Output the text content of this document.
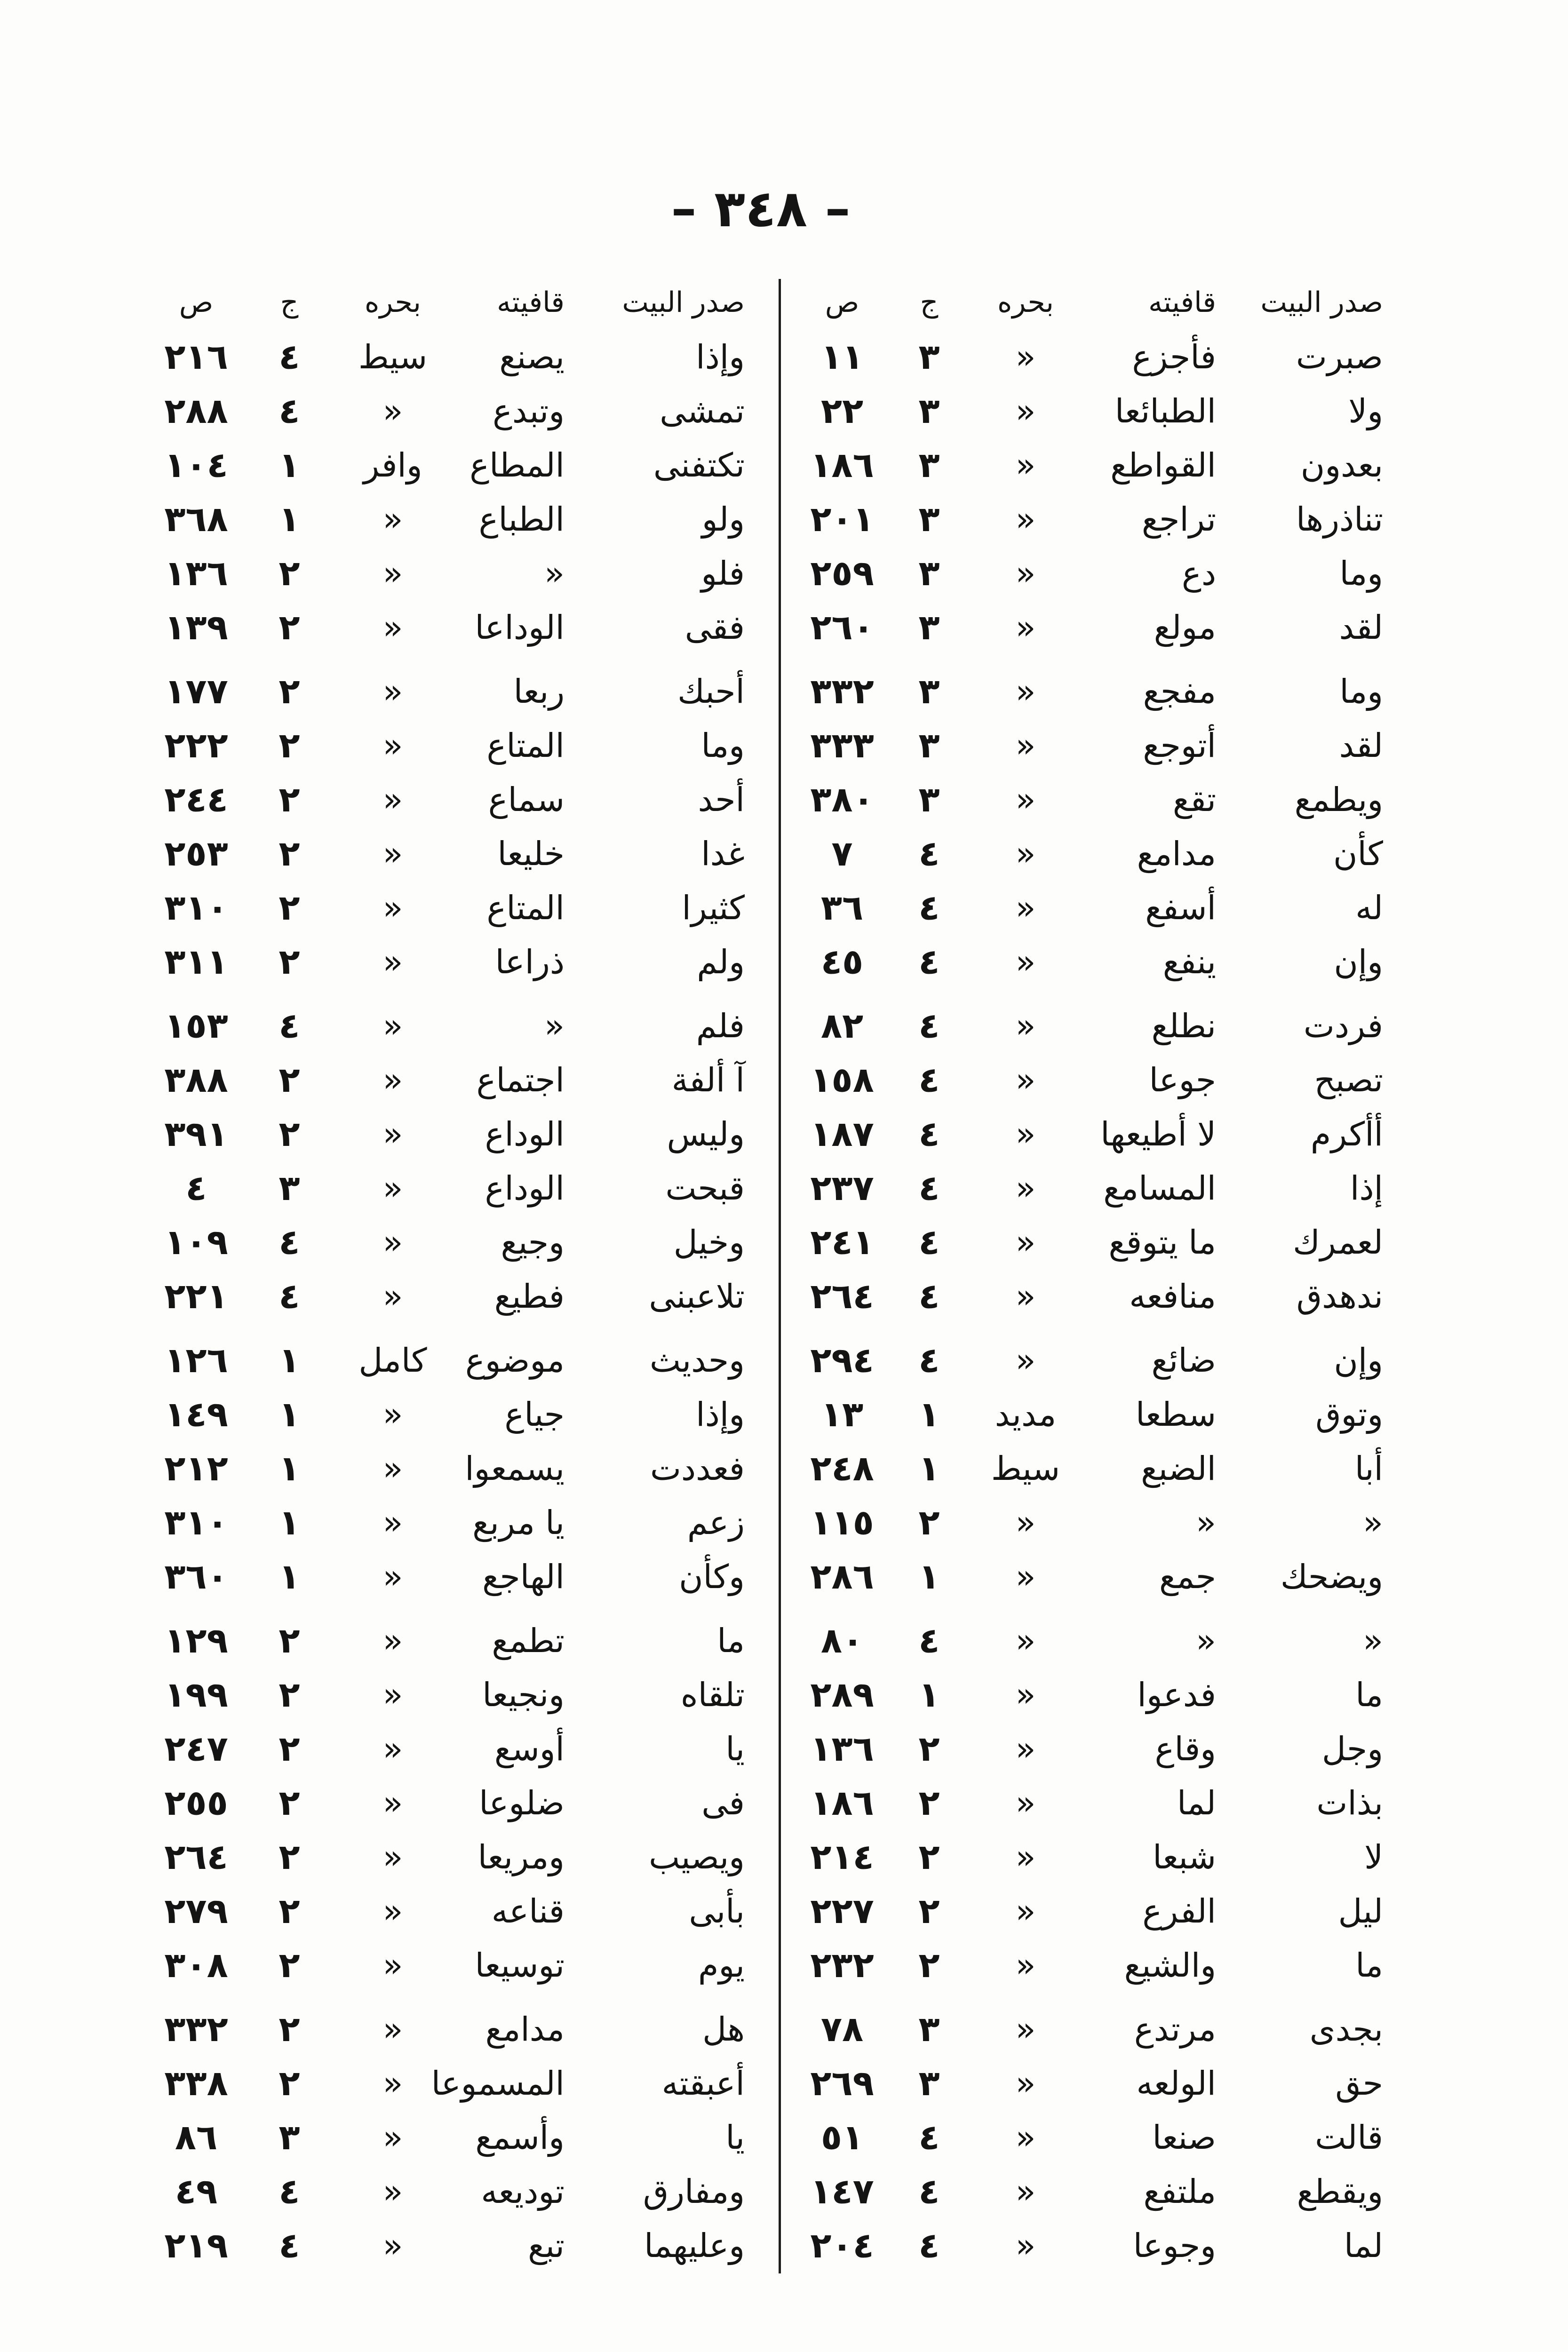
– ٣٤٨ –
صدر البيت
قافيته
بحره
ج
ص
صدر البيت
قافيته
بحره
ج
ص
صبرت
فأجزع
«
٣
١١
ولا
الطبائعا
«
٣
٢٢
بعدون
القواطع
«
٣
١٨٦
تناذرها
تراجع
«
٣
٢٠١
وما
دع
«
٣
٢٥٩
لقد
مولع
«
٣
٢٦٠
وما
مفجع
«
٣
٣٣٢
لقد
أتوجع
«
٣
٣٣٣
ويطمع
تقع
«
٣
٣٨٠
كأن
مدامع
«
٤
٧
له
أسفع
«
٤
٣٦
وإن
ينفع
«
٤
٤٥
فردت
نطلع
«
٤
٨٢
تصبح
جوعا
«
٤
١٥٨
أأكرم
لا أطيعها
«
٤
١٨٧
إذا
المسامع
«
٤
٢٣٧
لعمرك
ما يتوقع
«
٤
٢٤١
ندهدق
منافعه
«
٤
٢٦٤
وإن
ضائع
«
٤
٢٩٤
وتوق
سطعا
مديد
١
١٣
أبا
الضبع
سيط
١
٢٤٨
«
«
«
٢
١١٥
ويضحك
جمع
«
١
٢٨٦
«
«
«
٤
٨٠
ما
فدعوا
«
١
٢٨٩
وجل
وقاع
«
٢
١٣٦
بذات
لما
«
٢
١٨٦
لا
شبعا
«
٢
٢١٤
ليل
الفرع
«
٢
٢٢٧
ما
والشيع
«
٢
٢٣٢
بجدى
مرتدع
«
٣
٧٨
حق
الولعه
«
٣
٢٦٩
قالت
صنعا
«
٤
٥١
ويقطع
ملتفع
«
٤
١٤٧
لما
وجوعا
«
٤
٢٠٤
وإذا
يصنع
سيط
٤
٢١٦
تمشى
وتبدع
«
٤
٢٨٨
تكتفنى
المطاع
وافر
١
١٠٤
ولو
الطباع
«
١
٣٦٨
فلو
«
«
٢
١٣٦
فقى
الوداعا
«
٢
١٣٩
أحبك
ربعا
«
٢
١٧٧
وما
المتاع
«
٢
٢٢٢
أحد
سماع
«
٢
٢٤٤
غدا
خليعا
«
٢
٢٥٣
كثيرا
المتاع
«
٢
٣١٠
ولم
ذراعا
«
٢
٣١١
فلم
«
«
٤
١٥٣
آ ألفة
اجتماع
«
٢
٣٨٨
وليس
الوداع
«
٢
٣٩١
قبحت
الوداع
«
٣
٤
وخيل
وجيع
«
٤
١٠٩
تلاعبنى
فطيع
«
٤
٢٢١
وحديث
موضوع
كامل
١
١٢٦
وإذا
جياع
«
١
١٤٩
فعددت
يسمعوا
«
١
٢١٢
زعم
يا مربع
«
١
٣١٠
وكأن
الهاجع
«
١
٣٦٠
ما
تطمع
«
٢
١٢٩
تلقاه
ونجيعا
«
٢
١٩٩
يا
أوسع
«
٢
٢٤٧
فى
ضلوعا
«
٢
٢٥٥
ويصيب
ومريعا
«
٢
٢٦٤
بأبى
قناعه
«
٢
٢٧٩
يوم
توسيعا
«
٢
٣٠٨
هل
مدامع
«
٢
٣٣٢
أعبقته
المسموعا
«
٢
٣٣٨
يا
وأسمع
«
٣
٨٦
ومفارق
توديعه
«
٤
٤٩
وعليهما
تبع
«
٤
٢١٩
